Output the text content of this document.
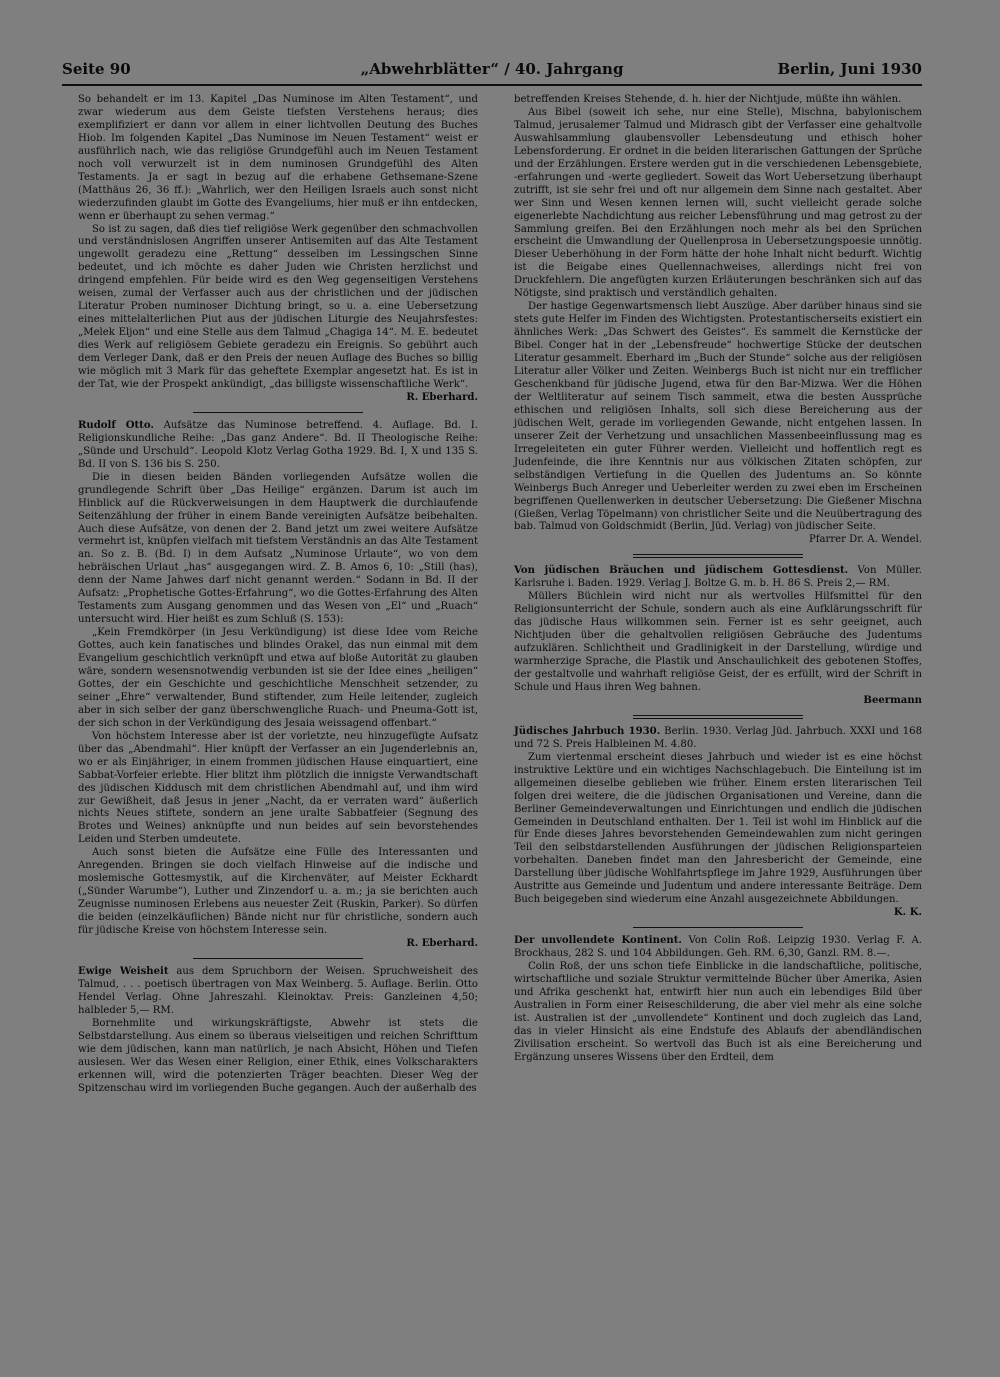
Seite 90	„Abwehrblätter“ / 40. Jahrgang	Berlin, Juni 1930

So behandelt er im 13. Kapitel „Das Numinose im Alten Testament“, und zwar wiederum aus dem Geiste tiefsten Verstehens heraus; dies exemplifiziert er dann vor allem in einer lichtvollen Deutung des Buches Hiob. Im folgenden Kapitel „Das Numinose im Neuen Testament“ weist er ausführlich nach, wie das religiöse Grundgefühl auch im Neuen Testament noch voll verwurzelt ist in dem numinosen Grundgefühl des Alten Testaments. Ja er sagt in bezug auf die erhabene Gethsemane-Szene (Matthäus 26, 36 ff.): „Wahrlich, wer den Heiligen Israels auch sonst nicht wiederzufinden glaubt im Gotte des Evangeliums, hier muß er ihn entdecken, wenn er überhaupt zu sehen vermag.“

So ist zu sagen, daß dies tief religiöse Werk gegenüber den schmachvollen und verständnislosen Angriffen unserer Antisemiten auf das Alte Testament ungewollt geradezu eine „Rettung“ desselben im Lessingschen Sinne bedeutet, und ich möchte es daher Juden wie Christen herzlichst und dringend empfehlen. Für beide wird es den Weg gegenseitigen Verstehens weisen, zumal der Verfasser auch aus der christlichen und der jüdischen Literatur Proben numinoser Dichtung bringt, so u. a. eine Uebersetzung eines mittelalterlichen Piut aus der jüdischen Liturgie des Neujahrsfestes: „Melek Eljon“ und eine Stelle aus dem Talmud „Chagiga 14“. M. E. bedeutet dies Werk auf religiösem Gebiete geradezu ein Ereignis. So gebührt auch dem Verleger Dank, daß er den Preis der neuen Auflage des Buches so billig wie möglich mit 3 Mark für das geheftete Exemplar angesetzt hat. Es ist in der Tat, wie der Prospekt ankündigt, „das billigste wissenschaftliche Werk“.

R. Eberhard.

Rudolf Otto. Aufsätze das Numinose betreffend. 4. Auflage. Bd. I. Religionskundliche Reihe: „Das ganz Andere“. Bd. II Theologische Reihe: „Sünde und Urschuld“. Leopold Klotz Verlag Gotha 1929. Bd. I, X und 135 S. Bd. II von S. 136 bis S. 250.

Die in diesen beiden Bänden vorliegenden Aufsätze wollen die grundlegende Schrift über „Das Heilige“ ergänzen. Darum ist auch im Hinblick auf die Rückverweisungen in dem Hauptwerk die durchlaufende Seitenzählung der früher in einem Bande vereinigten Aufsätze beibehalten. Auch diese Aufsätze, von denen der 2. Band jetzt um zwei weitere Aufsätze vermehrt ist, knüpfen vielfach mit tiefstem Verständnis an das Alte Testament an. So z. B. (Bd. I) in dem Aufsatz „Numinose Urlaute“, wo von dem hebräischen Urlaut „has“ ausgegangen wird. Z. B. Amos 6, 10: „Still (has), denn der Name Jahwes darf nicht genannt werden.“ Sodann in Bd. II der Aufsatz: „Prophetische Gottes-Erfahrung“, wo die Gottes-Erfahrung des Alten Testaments zum Ausgang genommen und das Wesen von „El“ und „Ruach“ untersucht wird. Hier heißt es zum Schluß (S. 153):

„Kein Fremdkörper (in Jesu Verkündigung) ist diese Idee vom Reiche Gottes, auch kein fanatisches und blindes Orakel, das nun einmal mit dem Evangelium geschichtlich verknüpft und etwa auf bloße Autorität zu glauben wäre, sondern wesensnotwendig verbunden ist sie der Idee eines „heiligen“ Gottes, der ein Geschichte und geschichtliche Menschheit setzender, zu seiner „Ehre“ verwaltender, Bund stiftender, zum Heile leitender, zugleich aber in sich selber der ganz überschwengliche Ruach- und Pneuma-Gott ist, der sich schon in der Verkündigung des Jesaia weissagend offenbart.“

Von höchstem Interesse aber ist der vorletzte, neu hinzugefügte Aufsatz über das „Abendmahl“. Hier knüpft der Verfasser an ein Jugenderlebnis an, wo er als Einjähriger, in einem frommen jüdischen Hause einquartiert, eine Sabbat-Vorfeier erlebte. Hier blitzt ihm plötzlich die innigste Verwandtschaft des jüdischen Kiddusch mit dem christlichen Abendmahl auf, und ihm wird zur Gewißheit, daß Jesus in jener „Nacht, da er verraten ward“ äußerlich nichts Neues stiftete, sondern an jene uralte Sabbatfeier (Segnung des Brotes und Weines) anknüpfte und nun beides auf sein bevorstehendes Leiden und Sterben umdeutete.

Auch sonst bieten die Aufsätze eine Fülle des Interessanten und Anregenden. Bringen sie doch vielfach Hinweise auf die indische und moslemische Gottesmystik, auf die Kirchenväter, auf Meister Eckhardt („Sünder Warumbe“), Luther und Zinzendorf u. a. m.; ja sie berichten auch Zeugnisse numinosen Erlebens aus neuester Zeit (Ruskin, Parker). So dürfen die beiden (einzelkäuflichen) Bände nicht nur für christliche, sondern auch für jüdische Kreise von höchstem Interesse sein.

R. Eberhard.

Ewige Weisheit aus dem Spruchborn der Weisen. Spruchweisheit des Talmud, . . . poetisch übertragen von Max Weinberg. 5. Auflage. Berlin. Otto Hendel Verlag. Ohne Jahreszahl. Kleinoktav. Preis: Ganzleinen 4,50; halbleder 5,— RM.

Bornehmlite und wirkungskräftigste, Abwehr ist stets die Selbstdarstellung. Aus einem so überaus vielseitigen und reichen Schrifttum wie dem jüdischen, kann man natürlich, je nach Absicht, Höhen und Tiefen auslesen. Wer das Wesen einer Religion, einer Ethik, eines Volkscharakters erkennen will, wird die potenzierten Träger beachten. Dieser Weg der Spitzenschau wird im vorliegenden Buche gegangen. Auch der außerhalb des

betreffenden Kreises Stehende, d. h. hier der Nichtjude, müßte ihn wählen.

Aus Bibel (soweit ich sehe, nur eine Stelle), Mischna, babylonischem Talmud, jerusalemer Talmud und Midrasch gibt der Verfasser eine gehaltvolle Auswahlsammlung glaubensvoller Lebensdeutung und ethisch hoher Lebensforderung. Er ordnet in die beiden literarischen Gattungen der Sprüche und der Erzählungen. Erstere werden gut in die verschiedenen Lebensgebiete, -erfahrungen und -werte gegliedert. Soweit das Wort Uebersetzung überhaupt zutrifft, ist sie sehr frei und oft nur allgemein dem Sinne nach gestaltet. Aber wer Sinn und Wesen kennen lernen will, sucht vielleicht gerade solche eigenerlebte Nachdichtung aus reicher Lebensführung und mag getrost zu der Sammlung greifen. Bei den Erzählungen noch mehr als bei den Sprüchen erscheint die Umwandlung der Quellenprosa in Uebersetzungspoesie unnötig. Dieser Ueberhöhung in der Form hätte der hohe Inhalt nicht bedurft. Wichtig ist die Beigabe eines Quellennachweises, allerdings nicht frei von Druckfehlern. Die angefügten kurzen Erläuterungen beschränken sich auf das Nötigste, sind praktisch und verständlich gehalten.

Der hastige Gegenwartsmensch liebt Auszüge. Aber darüber hinaus sind sie stets gute Helfer im Finden des Wichtigsten. Protestantischerseits existiert ein ähnliches Werk: „Das Schwert des Geistes“. Es sammelt die Kernstücke der Bibel. Conger hat in der „Lebensfreude“ hochwertige Stücke der deutschen Literatur gesammelt. Eberhard im „Buch der Stunde“ solche aus der religiösen Literatur aller Völker und Zeiten. Weinbergs Buch ist nicht nur ein trefflicher Geschenkband für jüdische Jugend, etwa für den Bar-Mizwa. Wer die Höhen der Weltliteratur auf seinem Tisch sammelt, etwa die besten Aussprüche ethischen und religiösen Inhalts, soll sich diese Bereicherung aus der jüdischen Welt, gerade im vorliegenden Gewande, nicht entgehen lassen. In unserer Zeit der Verhetzung und unsachlichen Massenbeeinflussung mag es Irregeleiteten ein guter Führer werden. Vielleicht und hoffentlich regt es Judenfeinde, die ihre Kenntnis nur aus völkischen Zitaten schöpfen, zur selbständigen Vertiefung in die Quellen des Judentums an. So könnte Weinbergs Buch Anreger und Ueberleiter werden zu zwei eben im Erscheinen begriffenen Quellenwerken in deutscher Uebersetzung: Die Gießener Mischna (Gießen, Verlag Töpelmann) von christlicher Seite und die Neuübertragung des bab. Talmud von Goldschmidt (Berlin, Jüd. Verlag) von jüdischer Seite.

Pfarrer Dr. A. Wendel.

Von jüdischen Bräuchen und jüdischem Gottesdienst. Von Müller. Karlsruhe i. Baden. 1929. Verlag J. Boltze G. m. b. H. 86 S. Preis 2,— RM.

Müllers Büchlein wird nicht nur als wertvolles Hilfsmittel für den Religionsunterricht der Schule, sondern auch als eine Aufklärungsschrift für das jüdische Haus willkommen sein. Ferner ist es sehr geeignet, auch Nichtjuden über die gehaltvollen religiösen Gebräuche des Judentums aufzuklären. Schlichtheit und Gradlinigkeit in der Darstellung, würdige und warmherzige Sprache, die Plastik und Anschaulichkeit des gebotenen Stoffes, der gestaltvolle und wahrhaft religiöse Geist, der es erfüllt, wird der Schrift in Schule und Haus ihren Weg bahnen.

Beermann

Jüdisches Jahrbuch 1930. Berlin. 1930. Verlag Jüd. Jahrbuch. XXXI und 168 und 72 S. Preis Halbleinen M. 4.80.

Zum viertenmal erscheint dieses Jahrbuch und wieder ist es eine höchst instruktive Lektüre und ein wichtiges Nachschlagebuch. Die Einteilung ist im allgemeinen dieselbe geblieben wie früher. Einem ersten literarischen Teil folgen drei weitere, die die jüdischen Organisationen und Vereine, dann die Berliner Gemeindeverwaltungen und Einrichtungen und endlich die jüdischen Gemeinden in Deutschland enthalten. Der 1. Teil ist wohl im Hinblick auf die für Ende dieses Jahres bevorstehenden Gemeindewahlen zum nicht geringen Teil den selbstdarstellenden Ausführungen der jüdischen Religionsparteien vorbehalten. Daneben findet man den Jahresbericht der Gemeinde, eine Darstellung über jüdische Wohlfahrtspflege im Jahre 1929, Ausführungen über Austritte aus Gemeinde und Judentum und andere interessante Beiträge. Dem Buch beigegeben sind wiederum eine Anzahl ausgezeichnete Abbildungen.

K. K.

Der unvollendete Kontinent. Von Colin Roß. Leipzig 1930. Verlag F. A. Brockhaus, 282 S. und 104 Abbildungen. Geh. RM. 6,30, Ganzl. RM. 8.—.

Colin Roß, der uns schon tiefe Einblicke in die landschaftliche, politische, wirtschaftliche und soziale Struktur vermittelnde Bücher über Amerika, Asien und Afrika geschenkt hat, entwirft hier nun auch ein lebendiges Bild über Australien in Form einer Reiseschilderung, die aber viel mehr als eine solche ist. Australien ist der „unvollendete“ Kontinent und doch zugleich das Land, das in vieler Hinsicht als eine Endstufe des Ablaufs der abendländischen Zivilisation erscheint. So wertvoll das Buch ist als eine Bereicherung und Ergänzung unseres Wissens über den Erdteil, dem
